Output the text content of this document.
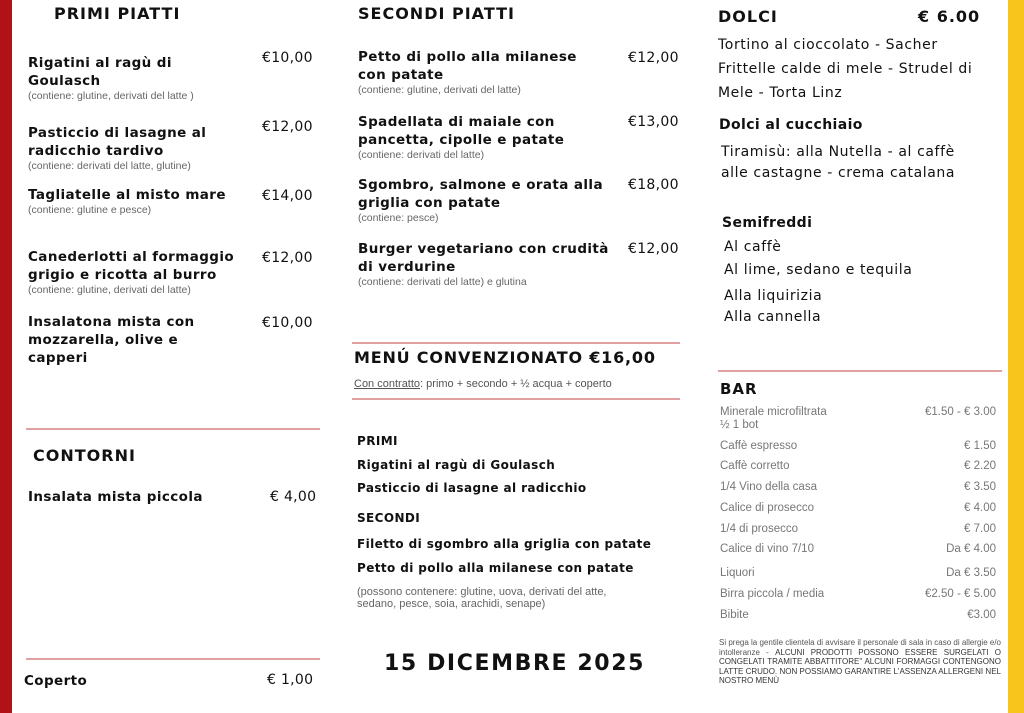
PRIMI PIATTI
Rigatini al ragù di Goulasch
(contiene: glutine, derivati del latte )
€10,00
Pasticcio di lasagne al radicchio tardivo
(contiene: derivati del latte, glutine)
€12,00
Tagliatelle al misto mare
(contiene: glutine e pesce)
€14,00
Canederlotti al formaggio grigio e ricotta al burro
(contiene: glutine, derivati del latte)
€12,00
Insalatona mista con mozzarella, olive e capperi
€10,00
CONTORNI
Insalata mista piccola	€ 4,00
Coperto	€ 1,00
SECONDI PIATTI
Petto di pollo alla milanese con patate
(contiene: glutine, derivati del latte)
€12,00
Spadellata di maiale con pancetta, cipolle e patate
(contiene: derivati del latte)
€13,00
Sgombro, salmone e orata alla griglia con patate
(contiene: pesce)
€18,00
Burger vegetariano con crudità di verdurine
(contiene: derivati del latte) e glutina
€12,00
MENÚ CONVENZIONATO €16,00
Con contratto: primo + secondo + ½ acqua + coperto
PRIMI
Rigatini al ragù di Goulasch
Pasticcio di lasagne al radicchio
SECONDI
Filetto di sgombro alla griglia con patate
Petto di pollo alla milanese con patate
(possono contenere: glutine, uova, derivati del atte, sedano, pesce, soia, arachidi, senape)
15 DICEMBRE 2025
DOLCI	€ 6.00
Tortino al cioccolato - Sacher
Frittelle calde di mele - Strudel di
Mele - Torta Linz
Dolci al cucchiaio
Tiramisù: alla Nutella - al caffè
alle castagne - crema catalana
Semifreddi
Al caffè
Al lime, sedano e tequila
Alla liquirizia
Alla cannella
BAR
Minerale microfiltrata
½ 1 bot
€1.50 - € 3.00
Caffè espresso	€ 1.50
Caffè corretto	€ 2.20
1/4 Vino della casa	€ 3.50
Calice di prosecco	€ 4.00
1/4 di prosecco	€ 7.00
Calice di vino 7/10	Da € 4.00
Liquori	Da € 3.50
Birra piccola / media	€2.50 - € 5.00
Bibite	€3.00
Si prega la gentile clientela di avvisare il personale di sala in caso di allergie e/o intolleranze - ALCUNI PRODOTTI POSSONO ESSERE SURGELATI O CONGELATI TRAMITE ABBATTITORE" ALCUNI FORMAGGI CONTENGONO LATTE CRUDO. NON POSSIAMO GARANTIRE L'ASSENZA ALLERGENI NEL NOSTRO MENÙ
